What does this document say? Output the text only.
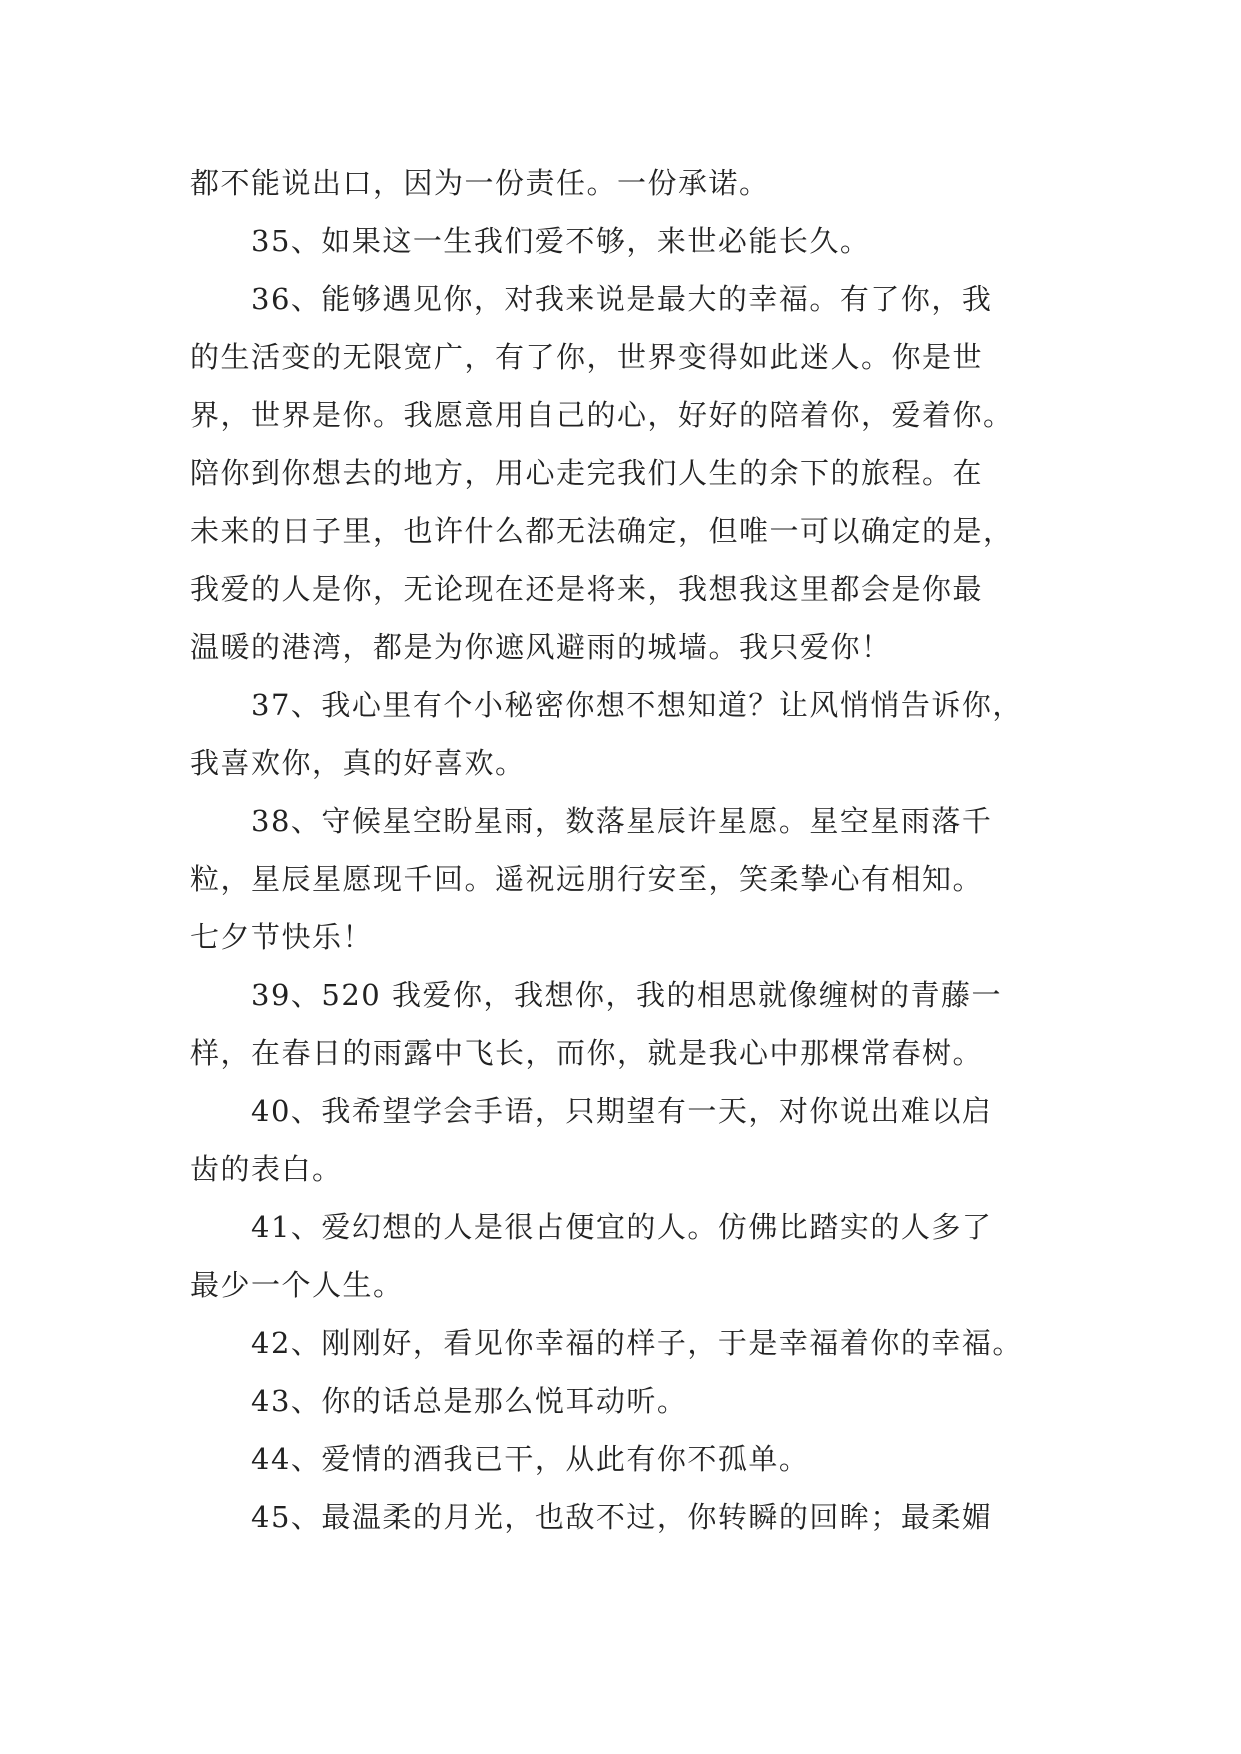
都不能说出口，因为一份责任。一份承诺。
35、如果这一生我们爱不够，来世必能长久。
36、能够遇见你，对我来说是最大的幸福。有了你，我
的生活变的无限宽广，有了你，世界变得如此迷人。你是世
界，世界是你。我愿意用自己的心，好好的陪着你，爱着你。
陪你到你想去的地方，用心走完我们人生的余下的旅程。在
未来的日子里，也许什么都无法确定，但唯一可以确定的是，
我爱的人是你，无论现在还是将来，我想我这里都会是你最
温暖的港湾，都是为你遮风避雨的城墙。我只爱你！
37、我心里有个小秘密你想不想知道？让风悄悄告诉你，
我喜欢你，真的好喜欢。
38、守候星空盼星雨，数落星辰许星愿。星空星雨落千
粒，星辰星愿现千回。遥祝远朋行安至，笑柔挚心有相知。
七夕节快乐！
39、520 我爱你，我想你，我的相思就像缠树的青藤一
样，在春日的雨露中飞长，而你，就是我心中那棵常春树。
40、我希望学会手语，只期望有一天，对你说出难以启
齿的表白。
41、爱幻想的人是很占便宜的人。仿佛比踏实的人多了
最少一个人生。
42、刚刚好，看见你幸福的样子，于是幸福着你的幸福。
43、你的话总是那么悦耳动听。
44、爱情的酒我已干，从此有你不孤单。
45、最温柔的月光，也敌不过，你转瞬的回眸；最柔媚
